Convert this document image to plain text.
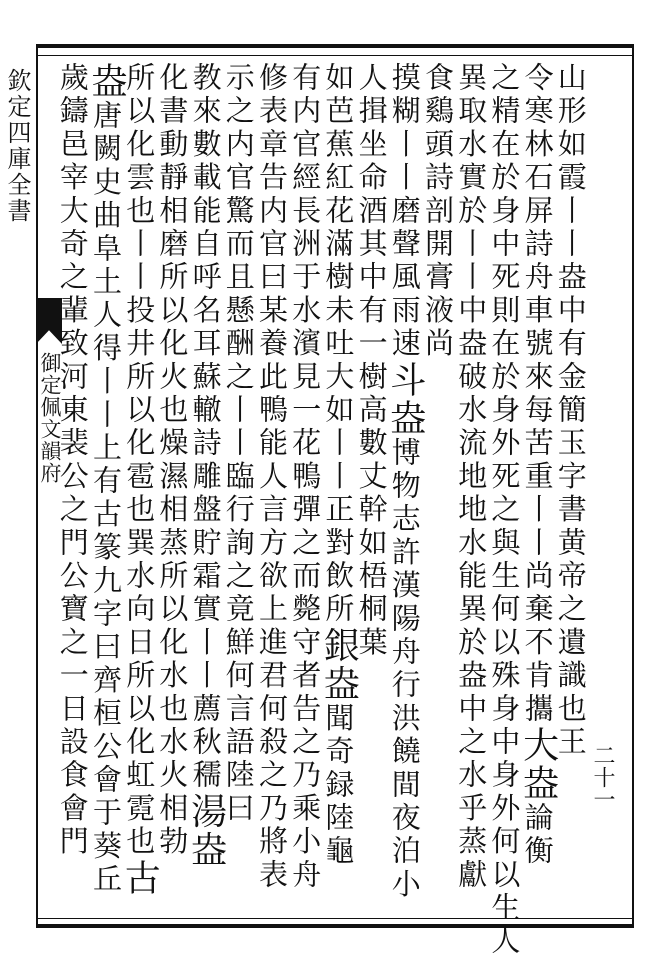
欽定四庫全書
御定佩文韻府
二十一
山形如霞丨丨盎中有金簡玉字書黄帝之遺識也王
令寒林石屏詩舟車號來每苦重丨丨尚棄不肯攜大盎論衡
之精在於身中死則在於身外死之與生何以殊身中身外何以生人
異取水實於丨丨中盎破水流地地水能異於盎中之水乎蒸獻
食鷄頭詩剖開膏液尚
摸糊丨丨磨聲風雨速斗盎博物志許漢陽舟行洪饒間夜泊小
人揖坐命酒其中有一樹高數丈幹如梧桐葉
如芭蕉紅花滿樹未吐大如丨丨正對飲所銀盎聞奇録陸龜
有内官經長洲于水濱見一花鴨彈之而斃守者告之乃乘小舟
修表章告内官曰某養此鴨能人言方欲上進君何殺之乃將表
示之内官驚而且懸酬之丨丨臨行詢之竟鮮何言語陸曰
教來數載能自呼名耳蘇轍詩雕盤貯霜實丨丨薦秋穤湯盎
化書動靜相磨所以化火也燥濕相蒸所以化水也水火相勃
所以化雲也丨丨投井所以化雹也巽水向日所以化虹霓也古
盎唐闕史曲阜土人得丨丨上有古篆九字曰齊桓公會于葵丘
歲鑄邑宰大奇之輩致河東裴公之門公寶之一日設食會門
